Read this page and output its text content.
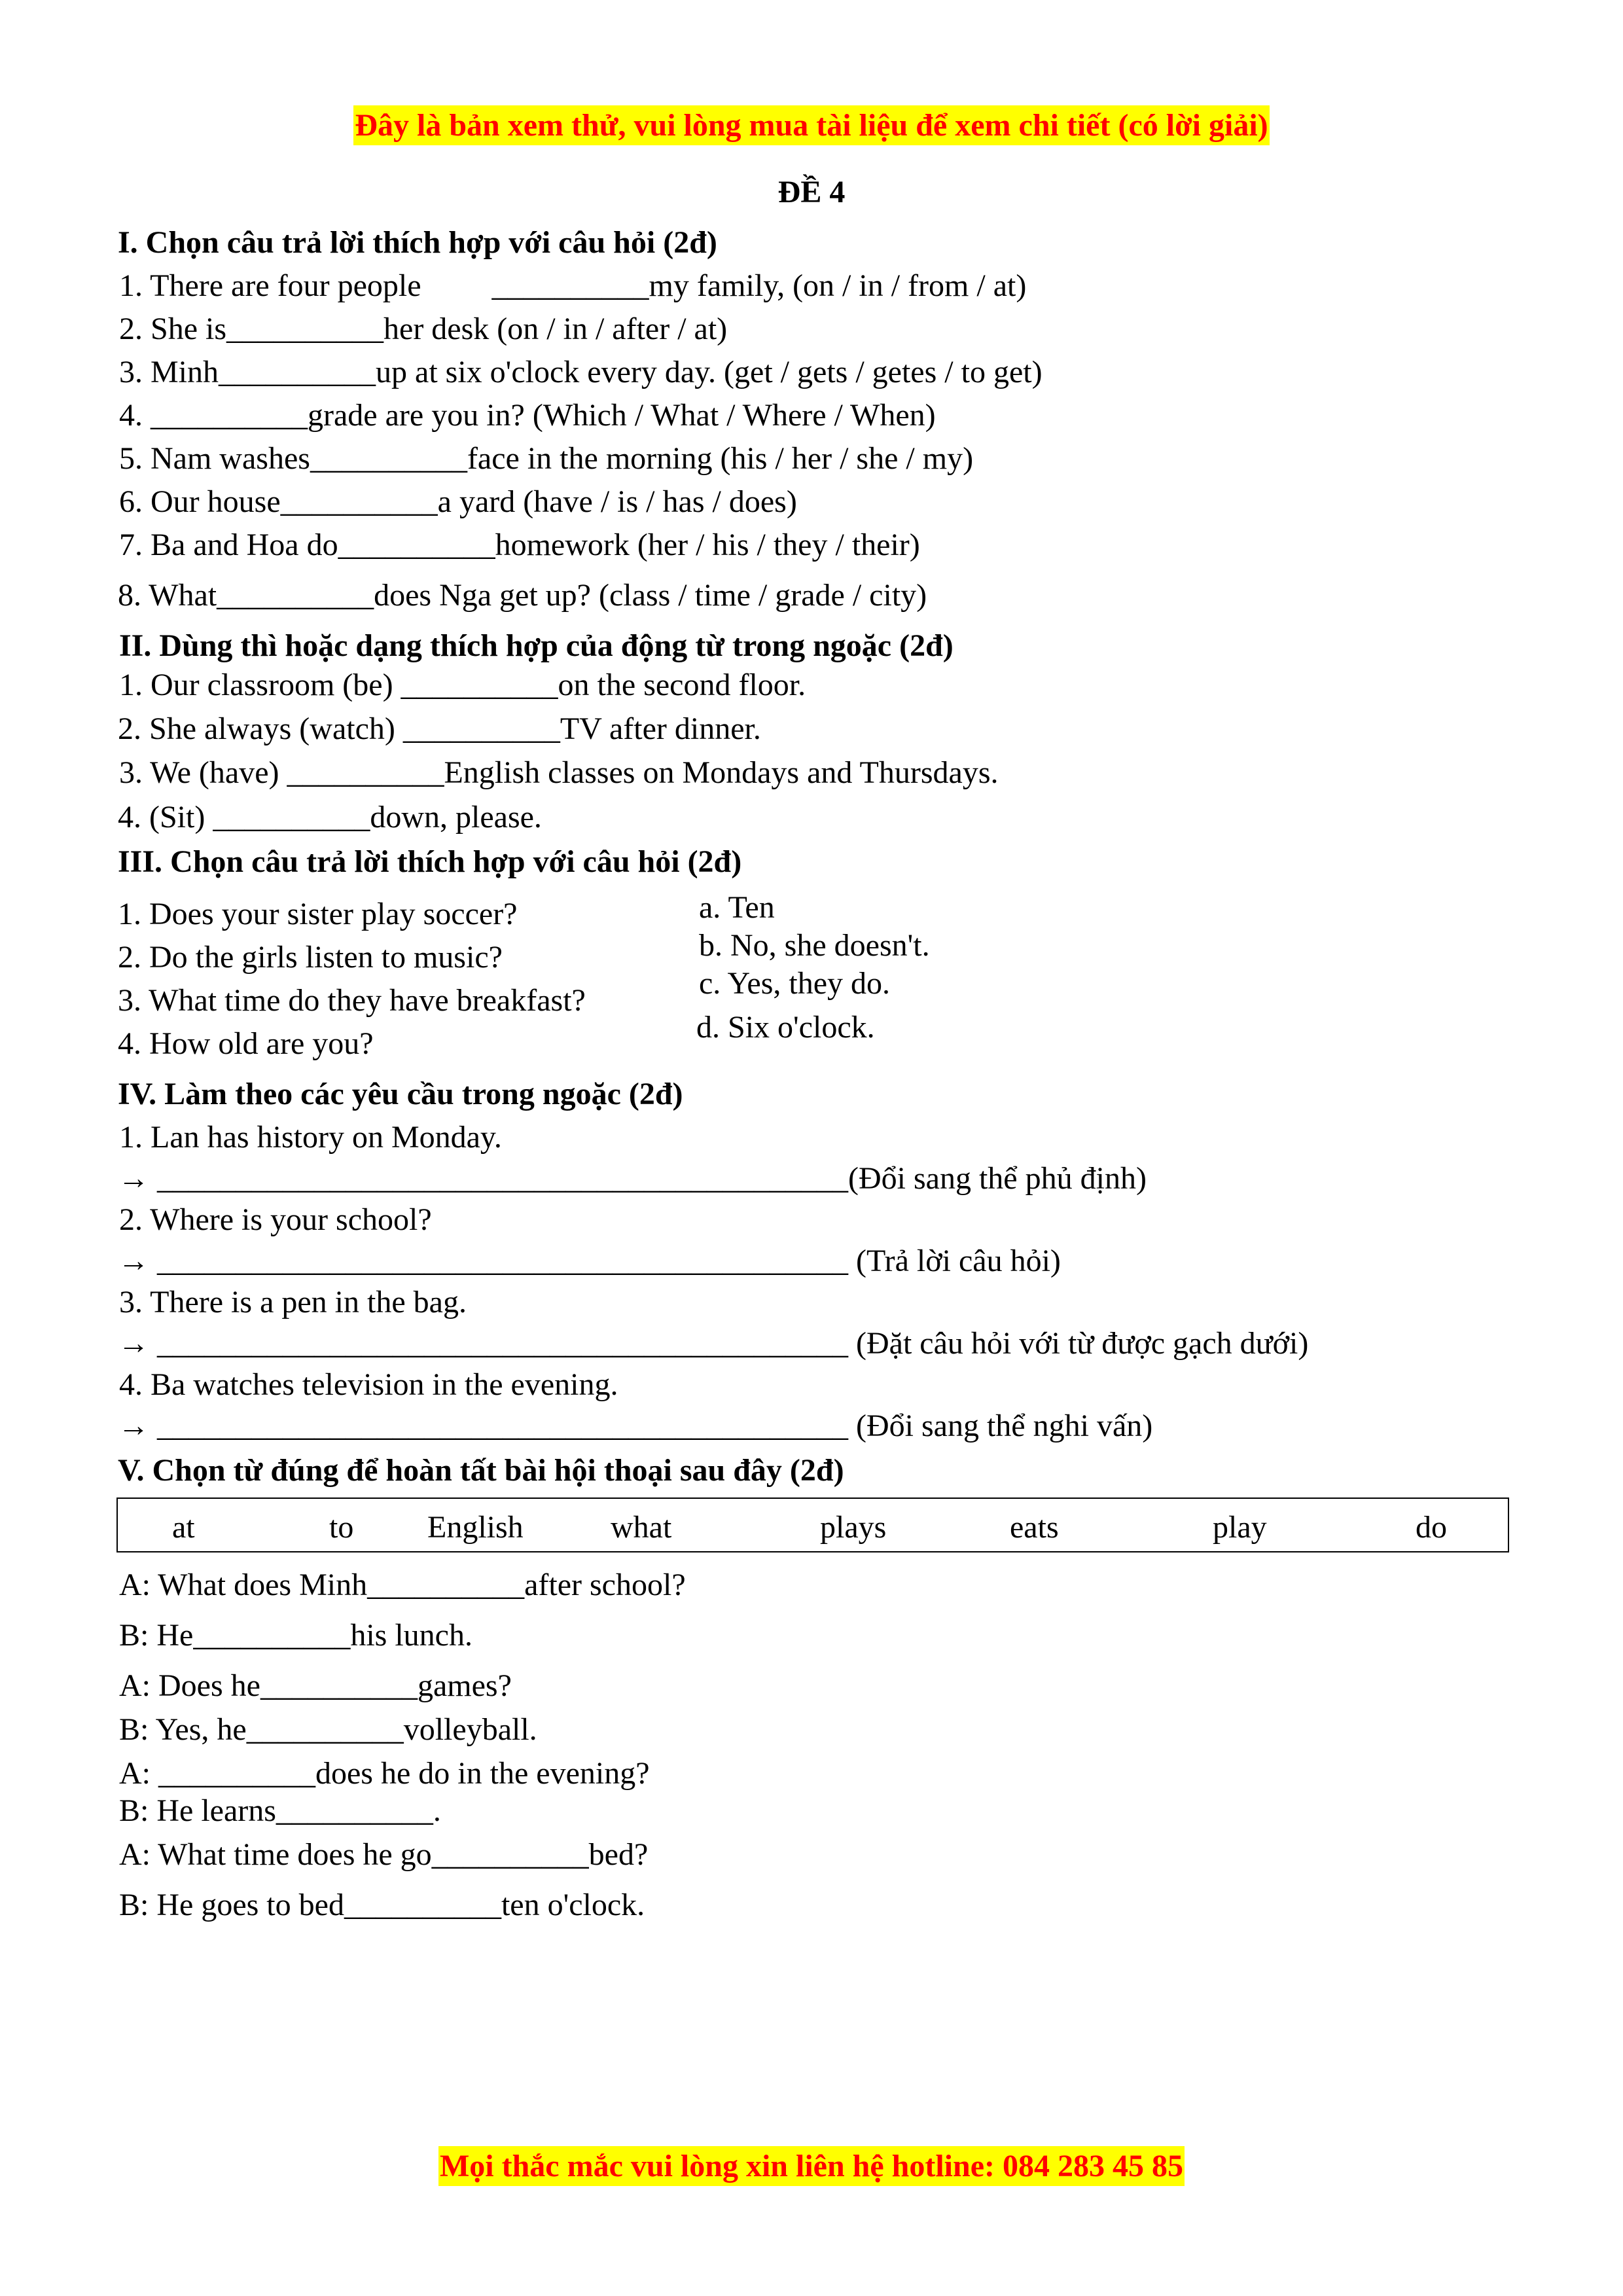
Đây là bản xem thử, vui lòng mua tài liệu để xem chi tiết (có lời giải)
ĐỀ 4
I. Chọn câu trả lời thích hợp với câu hỏi (2đ)
1. There are four people         __________my family, (on / in / from / at)
2. She is__________her desk (on / in / after / at)
3. Minh__________up at six o'clock every day. (get / gets / getes / to get)
4. __________grade are you in? (Which / What / Where / When)
5. Nam washes__________face in the morning (his / her / she / my)
6. Our house__________a yard (have / is / has / does)
7. Ba and Hoa do__________homework (her / his / they / their)
8. What__________does Nga get up? (class / time / grade / city)
II. Dùng thì hoặc dạng thích hợp của động từ trong ngoặc (2đ)
1. Our classroom (be) __________on the second floor.
2. She always (watch) __________TV after dinner.
3. We (have) __________English classes on Mondays and Thursdays.
4. (Sit) __________down, please.
III. Chọn câu trả lời thích hợp với câu hỏi (2đ)
1. Does your sister play soccer?
2. Do the girls listen to music?
3. What time do they have breakfast?
4. How old are you?
a. Ten
b. No, she doesn't.
c. Yes, they do.
d. Six o'clock.
IV. Làm theo các yêu cầu trong ngoặc (2đ)
1. Lan has history on Monday.
→ ____________________________________________(Đổi sang thể phủ định)
2. Where is your school?
→ ____________________________________________ (Trả lời câu hỏi)
3. There is a pen in the bag.
→ ____________________________________________ (Đặt câu hỏi với từ được gạch dưới)
4. Ba watches television in the evening.
→ ____________________________________________ (Đổi sang thể nghi vấn)
V. Chọn từ đúng để hoàn tất bài hội thoại sau đây (2đ)
at	to English	what	plays	eats	play	do
A: What does Minh__________after school?
B: He__________his lunch.
A: Does he__________games?
B: Yes, he__________volleyball.
A: __________does he do in the evening?
B: He learns__________.
A: What time does he go__________bed?
B: He goes to bed__________ten o'clock.
Mọi thắc mắc vui lòng xin liên hệ hotline: 084 283 45 85
